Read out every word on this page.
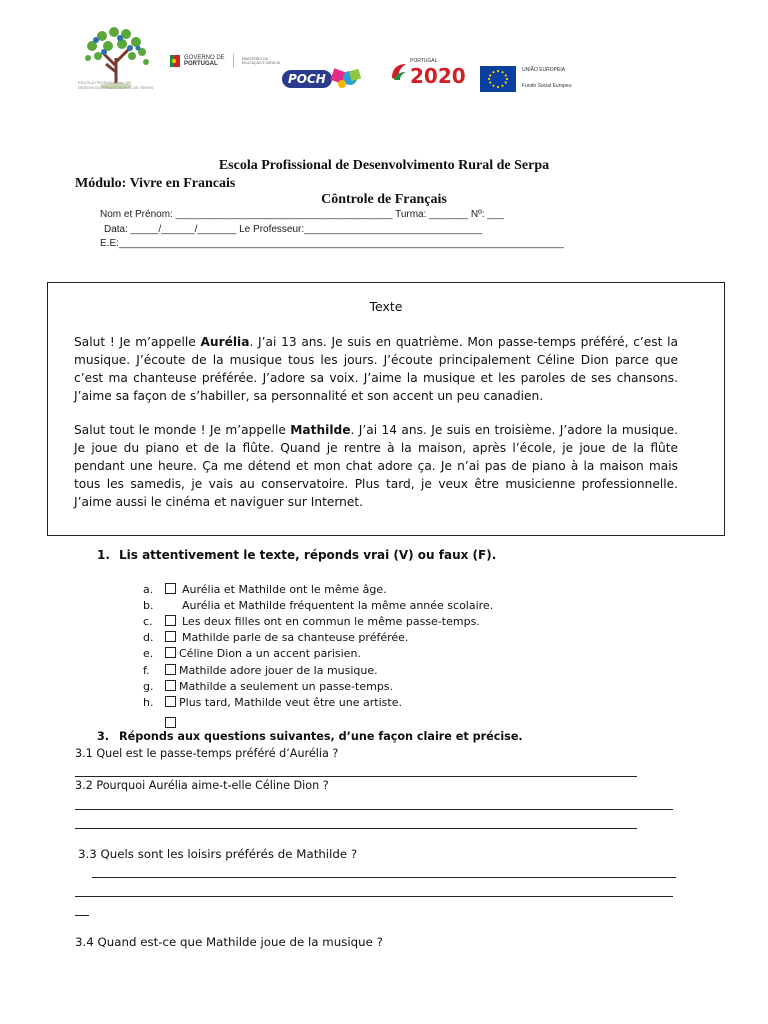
ESCOLA PROFISSIONAL DE DESENVOLVIMENTO RURAL DE SERPA
GOVERNO DE
PORTUGAL
MINISTÉRIO DA EDUCAÇÃO E CIÊNCIA
POCH
PORTUGAL
2020	UNIÃO EUROPEIA
Fundo Social Europeu
Escola Profissional de Desenvolvimento Rural de Serpa
Módulo: Vivre en Francais
Côntrole de Français
Nom et Prénom: _______________________________________ Turma: _______ Nº: ___
Data: _____/______/_______ Le Professeur:________________________________
E.E:________________________________________________________________________________
Texte
Salut ! Je m’appelle Aurélia. J’ai 13 ans. Je suis en quatrième. Mon passe-temps préféré, c’est la musique. J’écoute de la musique tous les jours. J’écoute principalement Céline Dion parce que c’est ma chanteuse préférée. J’adore sa voix. J’aime la musique et les paroles de ses chansons. J’aime sa façon de s’habiller, sa personnalité et son accent un peu canadien.
Salut tout le monde ! Je m’appelle Mathilde. J’ai 14 ans. Je suis en troisième. J’adore la musique. Je joue du piano et de la flûte. Quand je rentre à la maison, après l’école, je joue de la flûte pendant une heure. Ça me détend et mon chat adore ça. Je n’ai pas de piano à la maison mais tous les samedis, je vais au conservatoire. Plus tard, je veux être musicienne professionnelle. J’aime aussi le cinéma et naviguer sur Internet.
1. Lis attentivement le texte, réponds vrai (V) ou faux (F).
a.	Aurélia et Mathilde ont le même âge.
b.	Aurélia et Mathilde fréquentent la même année scolaire.
c.	Les deux filles ont en commun le même passe-temps.
d.	Mathilde parle de sa chanteuse préférée.
e. Céline Dion a un accent parisien.
f.	Mathilde adore jouer de la musique.
g. Mathilde a seulement un passe-temps.
h. Plus tard, Mathilde veut être une artiste.
3. Réponds aux questions suivantes, d’une façon claire et précise.
3.1 Quel est le passe-temps préféré d’Aurélia ?
3.2 Pourquoi Aurélia aime-t-elle Céline Dion ?
3.3 Quels sont les loisirs préférés de Mathilde ?
3.4 Quand est-ce que Mathilde joue de la musique ?
